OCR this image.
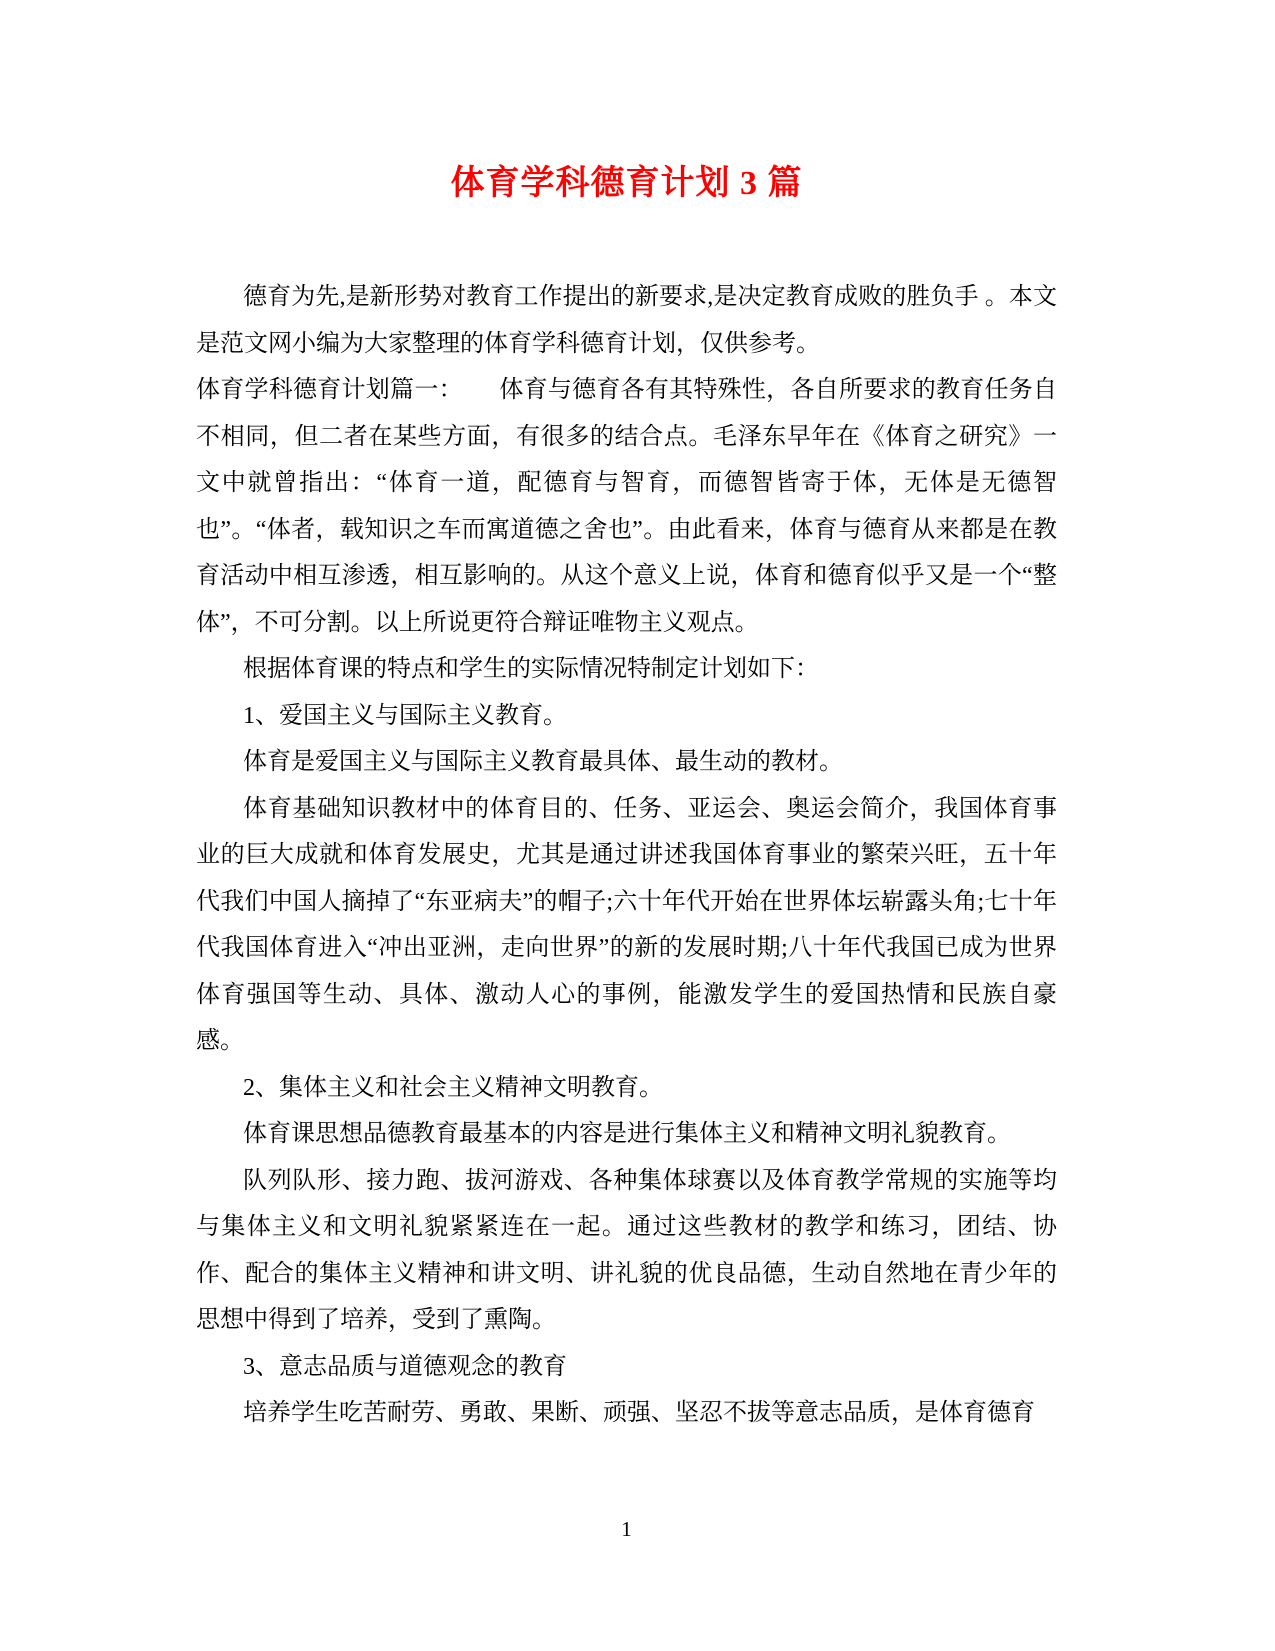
体育学科德育计划 3 篇

德育为先,是新形势对教育工作提出的新要求,是决定教育成败的胜负手 。本文是范文网小编为大家整理的体育学科德育计划，仅供参考。

体育学科德育计划篇一：　　体育与德育各有其特殊性，各自所要求的教育任务自不相同，但二者在某些方面，有很多的结合点。毛泽东早年在《体育之研究》一文中就曾指出：“体育一道，配德育与智育，而德智皆寄于体，无体是无德智也”。“体者，载知识之车而寓道德之舍也”。由此看来，体育与德育从来都是在教育活动中相互渗透，相互影响的。从这个意义上说，体育和德育似乎又是一个“整体”，不可分割。以上所说更符合辩证唯物主义观点。

根据体育课的特点和学生的实际情况特制定计划如下：

1、爱国主义与国际主义教育。

体育是爱国主义与国际主义教育最具体、最生动的教材。

体育基础知识教材中的体育目的、任务、亚运会、奥运会简介，我国体育事业的巨大成就和体育发展史，尤其是通过讲述我国体育事业的繁荣兴旺，五十年代我们中国人摘掉了“东亚病夫”的帽子;六十年代开始在世界体坛崭露头角;七十年代我国体育进入“冲出亚洲，走向世界”的新的发展时期;八十年代我国已成为世界体育强国等生动、具体、激动人心的事例，能激发学生的爱国热情和民族自豪感。

2、集体主义和社会主义精神文明教育。

体育课思想品德教育最基本的内容是进行集体主义和精神文明礼貌教育。

队列队形、接力跑、拔河游戏、各种集体球赛以及体育教学常规的实施等均与集体主义和文明礼貌紧紧连在一起。通过这些教材的教学和练习，团结、协作、配合的集体主义精神和讲文明、讲礼貌的优良品德，生动自然地在青少年的思想中得到了培养，受到了熏陶。

3、意志品质与道德观念的教育

培养学生吃苦耐劳、勇敢、果断、顽强、坚忍不拔等意志品质，是体育德育

1
